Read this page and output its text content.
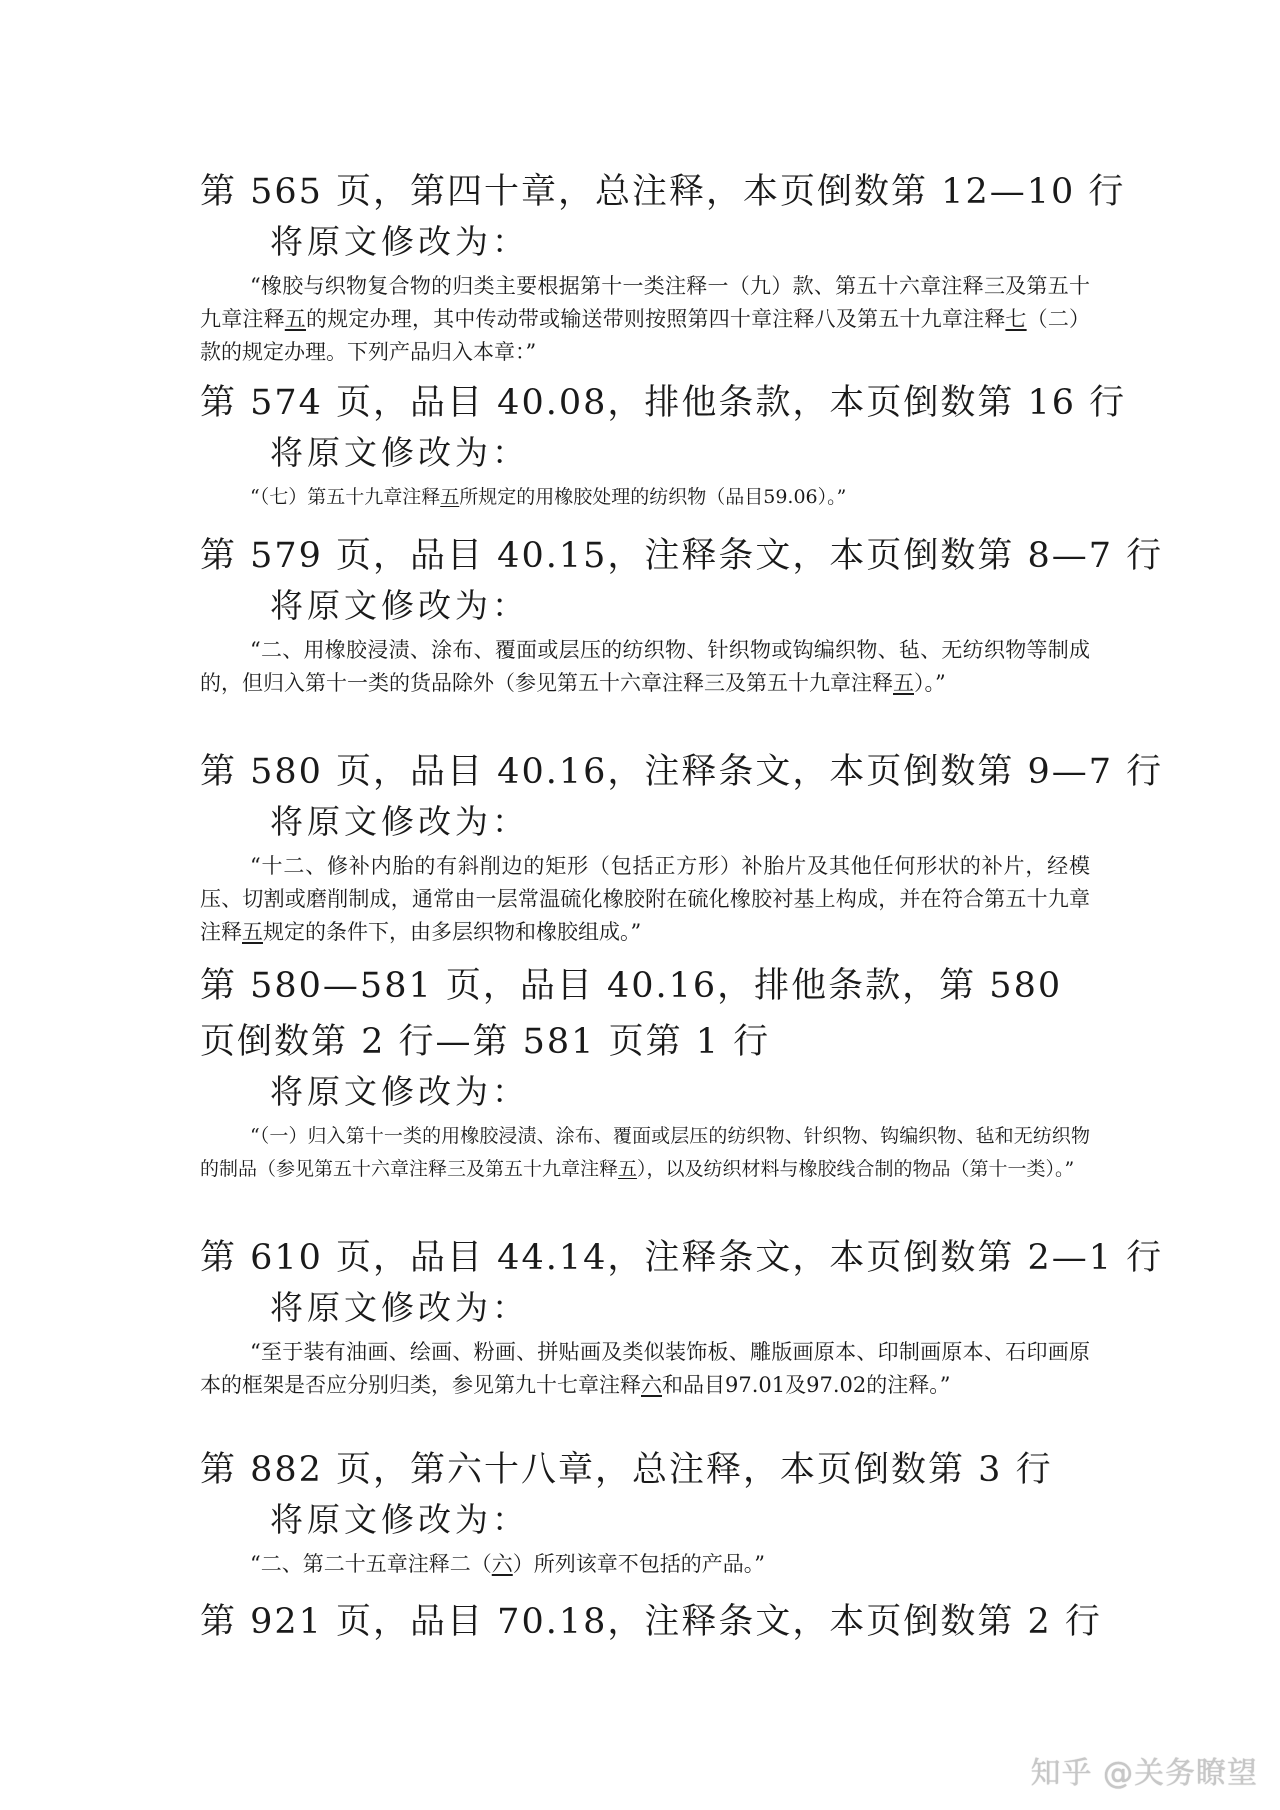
第 565 页，第四十章，总注释，本页倒数第 12—10 行

将原文修改为：

“橡胶与织物复合物的归类主要根据第十一类注释一（九）款、第五十六章注释三及第五十九章注释五的规定办理，其中传动带或输送带则按照第四十章注释八及第五十九章注释七（二）款的规定办理。下列产品归入本章：”

第 574 页，品目 40.08，排他条款，本页倒数第 16 行

将原文修改为：

“（七）第五十九章注释五所规定的用橡胶处理的纺织物（品目59.06）。”

第 579 页，品目 40.15，注释条文，本页倒数第 8—7 行

将原文修改为：

“二、用橡胶浸渍、涂布、覆面或层压的纺织物、针织物或钩编织物、毡、无纺织物等制成的，但归入第十一类的货品除外（参见第五十六章注释三及第五十九章注释五）。”

第 580 页，品目 40.16，注释条文，本页倒数第 9—7 行

将原文修改为：

“十二、修补内胎的有斜削边的矩形（包括正方形）补胎片及其他任何形状的补片，经模压、切割或磨削制成，通常由一层常温硫化橡胶附在硫化橡胶衬基上构成，并在符合第五十九章注释五规定的条件下，由多层织物和橡胶组成。”

第 580—581 页，品目 40.16，排他条款，第 580 页倒数第 2 行—第 581 页第 1 行

将原文修改为：

“（一）归入第十一类的用橡胶浸渍、涂布、覆面或层压的纺织物、针织物、钩编织物、毡和无纺织物的制品（参见第五十六章注释三及第五十九章注释五），以及纺织材料与橡胶线合制的物品（第十一类）。”

第 610 页，品目 44.14，注释条文，本页倒数第 2—1 行

将原文修改为：

“至于装有油画、绘画、粉画、拼贴画及类似装饰板、雕版画原本、印制画原本、石印画原本的框架是否应分别归类，参见第九十七章注释六和品目97.01及97.02的注释。”

第 882 页，第六十八章，总注释，本页倒数第 3 行

将原文修改为：

“二、第二十五章注释二（六）所列该章不包括的产品。”

第 921 页，品目 70.18，注释条文，本页倒数第 2 行

知乎 @关务瞭望
